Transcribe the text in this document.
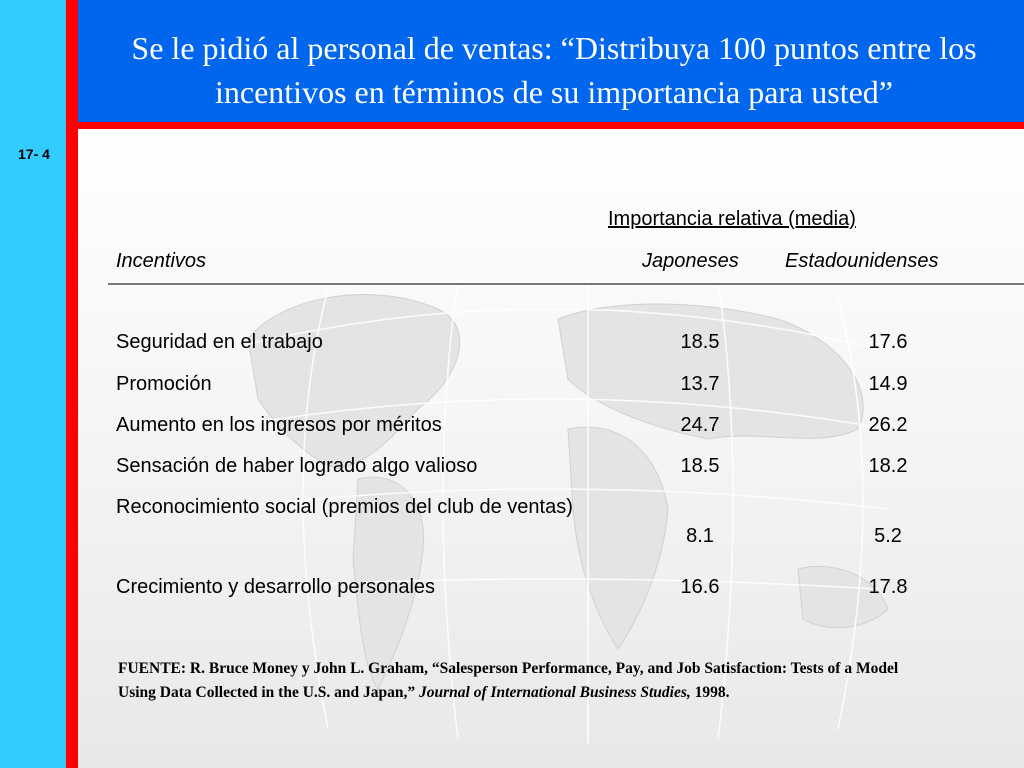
Se le pidió al personal de ventas: “Distribuya 100 puntos entre los incentivos en términos de su importancia para usted”
17- 4
Importancia relativa (media)
Incentivos	Japoneses Estadounidenses
Seguridad en el trabajo	18.5	17.6
Promoción	13.7	14.9
Aumento en los ingresos por méritos	24.7	26.2
Sensación de haber logrado algo valioso	18.5	18.2
Reconocimiento social (premios del club de ventas)
8.1	5.2
Crecimiento y desarrollo personales	16.6	17.8

FUENTE: R. Bruce Money y John L. Graham, “Salesperson Performance, Pay, and Job Satisfaction: Tests of a Model Using Data Collected in the U.S. and Japan,” Journal of International Business Studies, 1998.
